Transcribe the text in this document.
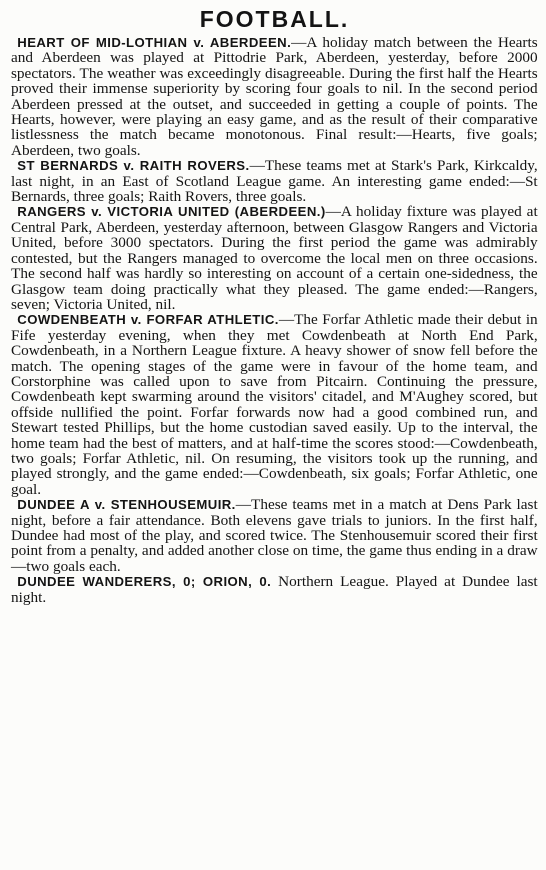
FOOTBALL.

HEART OF MID-LOTHIAN v. ABERDEEN.—A holiday match between the Hearts and Aberdeen was played at Pittodrie Park, Aberdeen, yesterday, before 2000 spectators. The weather was exceedingly disagreeable. During the first half the Hearts proved their immense superiority by scoring four goals to nil. In the second period Aberdeen pressed at the outset, and succeeded in getting a couple of points. The Hearts, however, were playing an easy game, and as the result of their comparative listlessness the match became monotonous. Final result:—Hearts, five goals; Aberdeen, two goals.

ST BERNARDS v. RAITH ROVERS.—These teams met at Stark's Park, Kirkcaldy, last night, in an East of Scotland League game. An interesting game ended:—St Bernards, three goals; Raith Rovers, three goals.

RANGERS v. VICTORIA UNITED (ABERDEEN.)—A holiday fixture was played at Central Park, Aberdeen, yesterday afternoon, between Glasgow Rangers and Victoria United, before 3000 spectators. During the first period the game was admirably contested, but the Rangers managed to overcome the local men on three occasions. The second half was hardly so interesting on account of a certain one-sidedness, the Glasgow team doing practically what they pleased. The game ended:—Rangers, seven; Victoria United, nil.

COWDENBEATH v. FORFAR ATHLETIC.—The Forfar Athletic made their debut in Fife yesterday evening, when they met Cowdenbeath at North End Park, Cowdenbeath, in a Northern League fixture. A heavy shower of snow fell before the match. The opening stages of the game were in favour of the home team, and Corstorphine was called upon to save from Pitcairn. Continuing the pressure, Cowdenbeath kept swarming around the visitors' citadel, and M'Aughey scored, but offside nullified the point. Forfar forwards now had a good combined run, and Stewart tested Phillips, but the home custodian saved easily. Up to the interval, the home team had the best of matters, and at half-time the scores stood:—Cowdenbeath, two goals; Forfar Athletic, nil. On resuming, the visitors took up the running, and played strongly, and the game ended:—Cowdenbeath, six goals; Forfar Athletic, one goal.

DUNDEE A v. STENHOUSEMUIR.—These teams met in a match at Dens Park last night, before a fair attendance. Both elevens gave trials to juniors. In the first half, Dundee had most of the play, and scored twice. The Stenhousemuir scored their first point from a penalty, and added another close on time, the game thus ending in a draw—two goals each.

DUNDEE WANDERERS, 0; ORION, 0. Northern League. Played at Dundee last night.
